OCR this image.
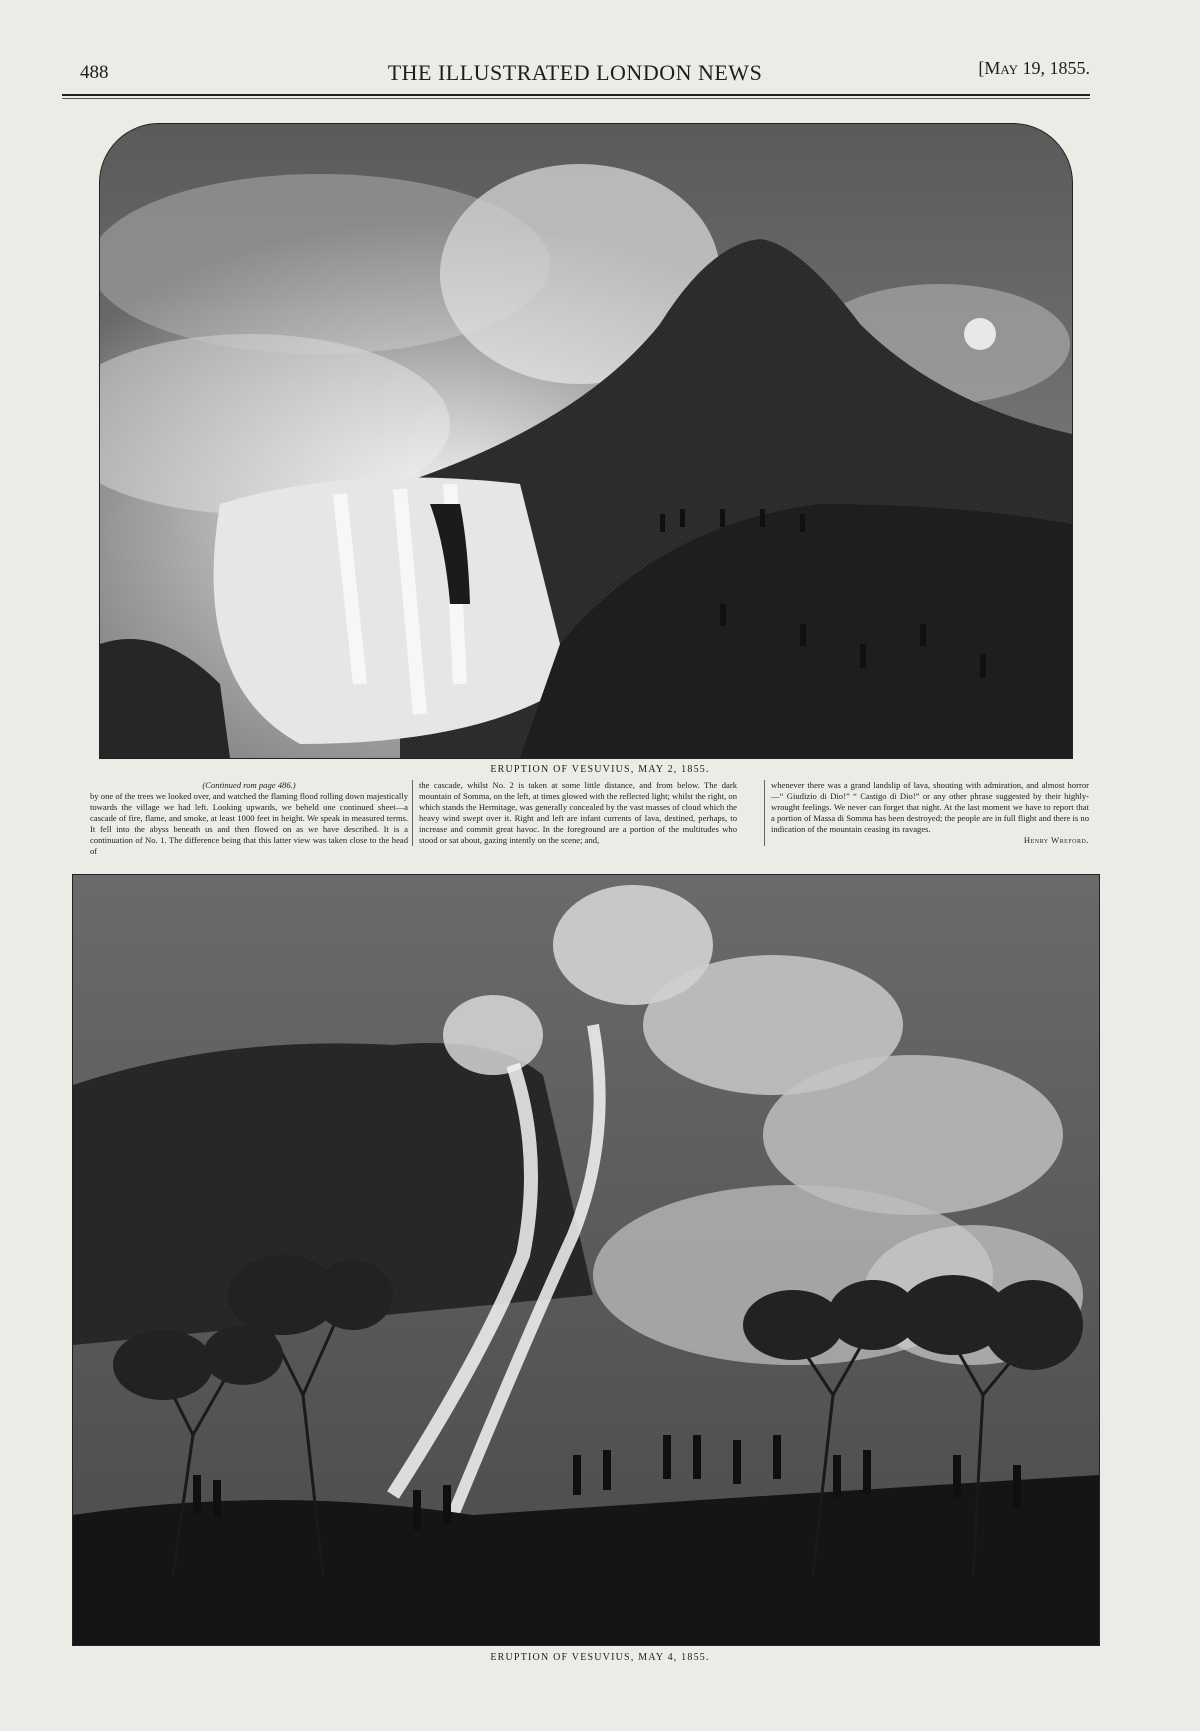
488	THE ILLUSTRATED LONDON NEWS	[May 19, 1855.
ERUPTION OF VESUVIUS, MAY 2, 1855.
(Continued rom page 486.)
by one of the trees we looked over, and watched the flaming flood rolling down majestically towards the village we had left. Looking upwards, we beheld one continued sheet—a cascade of fire, flame, and smoke, at least 1000 feet in height. We speak in measured terms. It fell into the abyss beneath us and then flowed on as we have described. It is a continuation of No. 1. The difference being that this latter view was taken close to the head of
the cascade, whilst No. 2 is taken at some little distance, and from below. The dark mountain of Somma, on the left, at times glowed with the reflected light; whilst the right, on which stands the Hermitage, was generally concealed by the vast masses of cloud which the heavy wind swept over it. Right and left are infant currents of lava, destined, perhaps, to increase and commit great havoc. In the foreground are a portion of the multitudes who stood or sat about, gazing intently on the scene; and,
whenever there was a grand landslip of lava, shouting with admiration, and almost horror—“ Giudizio di Dio!” “ Castigo di Dio!” or any other phrase suggested by their highly-wrought feelings. We never can forget that night. At the last moment we have to report that a portion of Massa di Somma has been destroyed; the people are in full flight and there is no indication of the mountain ceasing its ravages.
Henry Wreford.
ERUPTION OF VESUVIUS, MAY 4, 1855.
